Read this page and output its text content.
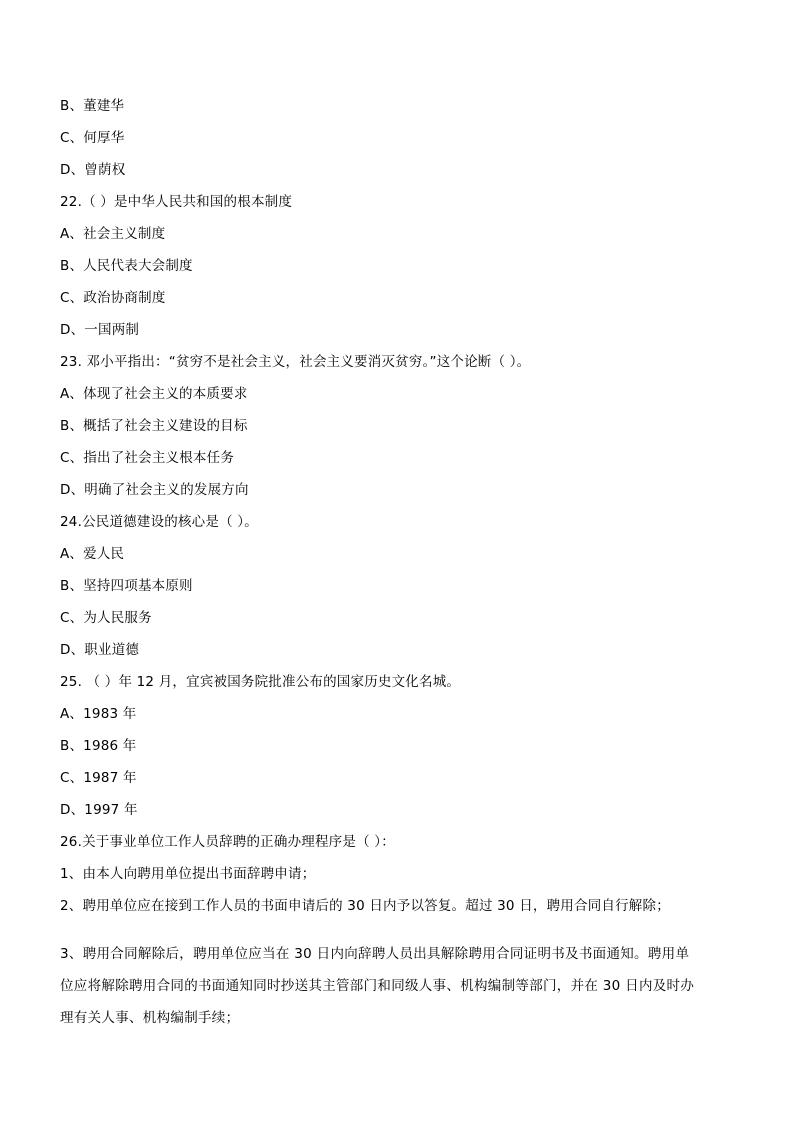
B、董建华
C、何厚华
D、曾荫权
22.（ ）是中华人民共和国的根本制度
A、社会主义制度
B、人民代表大会制度
C、政治协商制度
D、一国两制
23. 邓小平指出：“贫穷不是社会主义，社会主义要消灭贫穷。”这个论断（ ）。
A、体现了社会主义的本质要求
B、概括了社会主义建设的目标
C、指出了社会主义根本任务
D、明确了社会主义的发展方向
24.公民道德建设的核心是（ ）。
A、爱人民
B、坚持四项基本原则
C、为人民服务
D、职业道德
25. （ ）年 12 月，宜宾被国务院批准公布的国家历史文化名城。
A、1983 年
B、1986 年
C、1987 年
D、1997 年
26.关于事业单位工作人员辞聘的正确办理程序是（ ）：
1、由本人向聘用单位提出书面辞聘申请；
2、聘用单位应在接到工作人员的书面申请后的 30 日内予以答复。超过 30 日，聘用合同自行解除；
3、聘用合同解除后，聘用单位应当在 30 日内向辞聘人员出具解除聘用合同证明书及书面通知。聘用单位应将解除聘用合同的书面通知同时抄送其主管部门和同级人事、机构编制等部门，并在 30 日内及时办理有关人事、机构编制手续；
